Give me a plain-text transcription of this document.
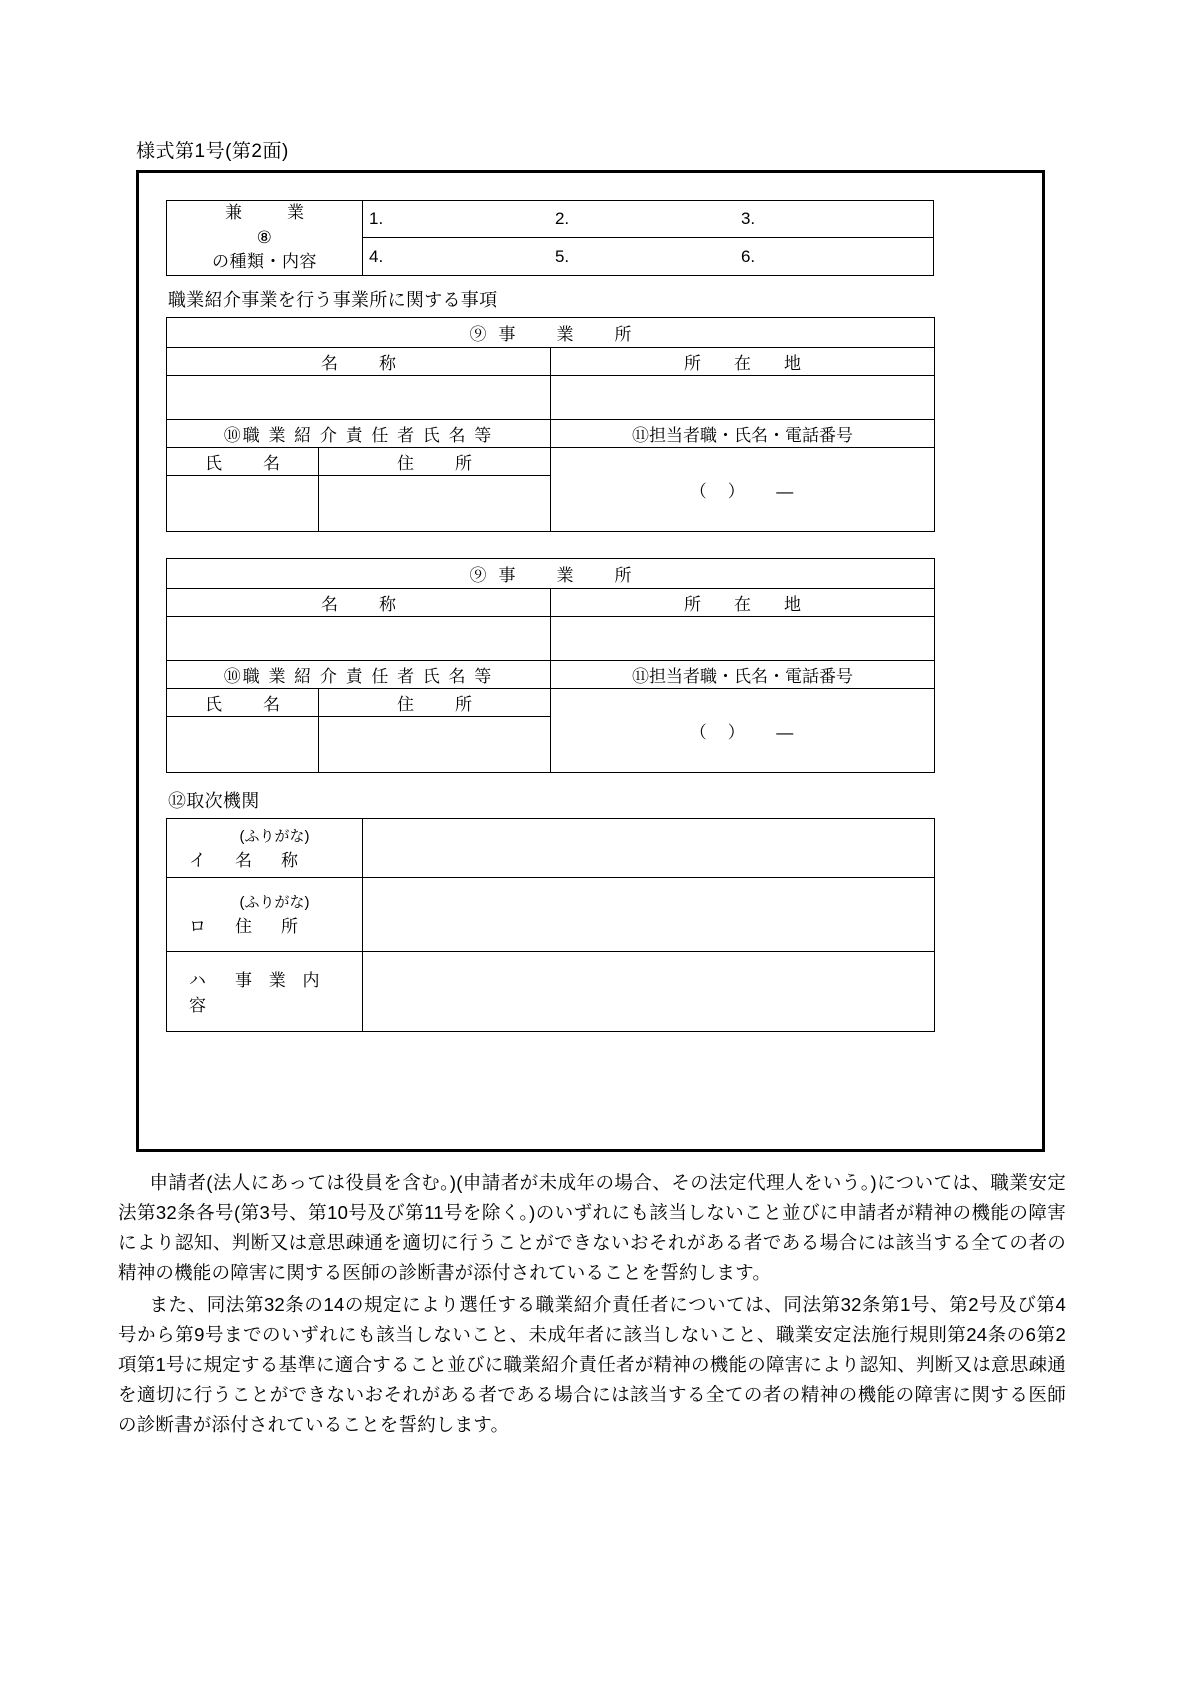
様式第1号(第2面)
兼　業
⑧
の種類・内容

1.	2.	3.

4.	5.	6.
職業紹介事業を行う事業所に関する事項
⑨事　業　所		
名　称		所　在　地

⑩職 業 紹 介 責 任 者 氏 名 等		⑪担当者職・氏名・電話番号
氏　名	住　所	（　）　　—

⑨事　業　所		
名　称		所　在　地

⑩職 業 紹 介 責 任 者 氏 名 等		⑪担当者職・氏名・電話番号
氏　名	住　所	（　）　　—

⑫取次機関
(ふりがな)
イ　 名　称	

(ふりがな)
ロ　 住　所	

ハ　 事 業 内 容	

申請者(法人にあっては役員を含む。)(申請者が未成年の場合、その法定代理人をいう。)については、職業安定法第32条各号(第3号、第10号及び第11号を除く。)のいずれにも該当しないこと並びに申請者が精神の機能の障害により認知、判断又は意思疎通を適切に行うことができないおそれがある者である場合には該当する全ての者の精神の機能の障害に関する医師の診断書が添付されていることを誓約します。

また、同法第32条の14の規定により選任する職業紹介責任者については、同法第32条第1号、第2号及び第4号から第9号までのいずれにも該当しないこと、未成年者に該当しないこと、職業安定法施行規則第24条の6第2項第1号に規定する基準に適合すること並びに職業紹介責任者が精神の機能の障害により認知、判断又は意思疎通を適切に行うことができないおそれがある者である場合には該当する全ての者の精神の機能の障害に関する医師の診断書が添付されていることを誓約します。
